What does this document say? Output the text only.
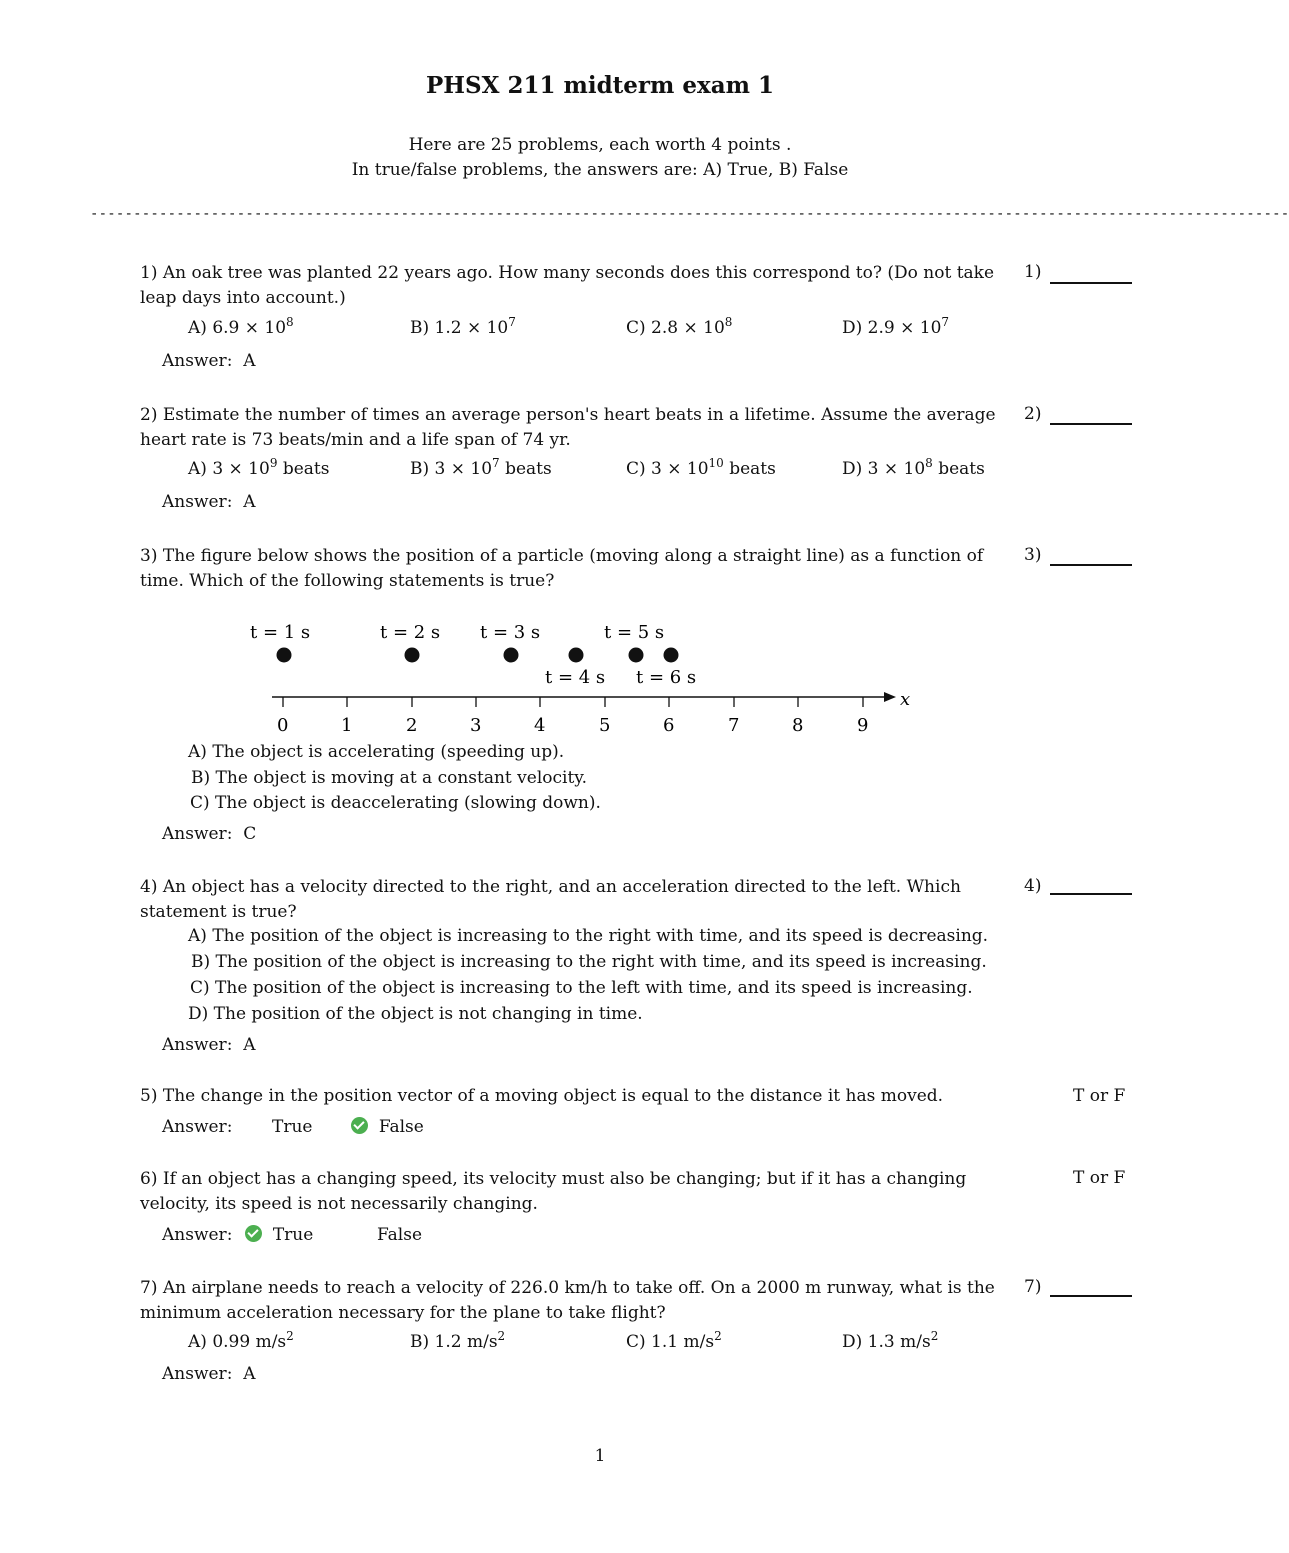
PHSX 211 midterm exam 1
Here are 25 problems, each worth 4 points .
In true/false problems, the answers are: A) True, B) False
-------------------------------------------------------------------------------------------------------------------------------------------
1) An oak tree was planted 22 years ago. How many seconds does this correspond to? (Do not take leap days into account.)
1)
A) $6.9 \times 10^8$	B) $1.2 \times 10^7$	C) $2.8 \times 10^8$	D) $2.9 \times 10^7$
Answer: A
2) Estimate the number of times an average person's heart beats in a lifetime. Assume the average heart rate is 73 beats/min and a life span of 74 yr.
2)
A) $3 \times 10^9$ beats	B) $3 \times 10^7$ beats	C) $3 \times 10^{10}$ beats	D) $3 \times 10^8$ beats
Answer: A
3) The figure below shows the position of a particle (moving along a straight line) as a function of time. Which of the following statements is true?
3)
t = 1 s	t = 2 s t = 3 s	t = 5 s
t = 4 s t = 6 s
x
0	1	2	3	4	5	6	7	8	9
A) The object is accelerating (speeding up).
B) The object is moving at a constant velocity.
C) The object is deaccelerating (slowing down).
Answer: C
4) An object has a velocity directed to the right, and an acceleration directed to the left. Which statement is true?
4)
A) The position of the object is increasing to the right with time, and its speed is decreasing.
B) The position of the object is increasing to the right with time, and its speed is increasing.
C) The position of the object is increasing to the left with time, and its speed is increasing.
D) The position of the object is not changing in time.
Answer: A
5) The change in the position vector of a moving object is equal to the distance it has moved.	T or F
Answer: True	False
6) If an object has a changing speed, its velocity must also be changing; but if it has a changing velocity, its speed is not necessarily changing.
T or F
Answer:	True	False
7) An airplane needs to reach a velocity of 226.0 km/h to take off. On a 2000 m runway, what is the minimum acceleration necessary for the plane to take flight?
7)
A) 0.99 $m/s^2$	B) 1.2 $m/s^2$	C) 1.1 $m/s^2$	D) 1.3 $m/s^2$
Answer: A
1
